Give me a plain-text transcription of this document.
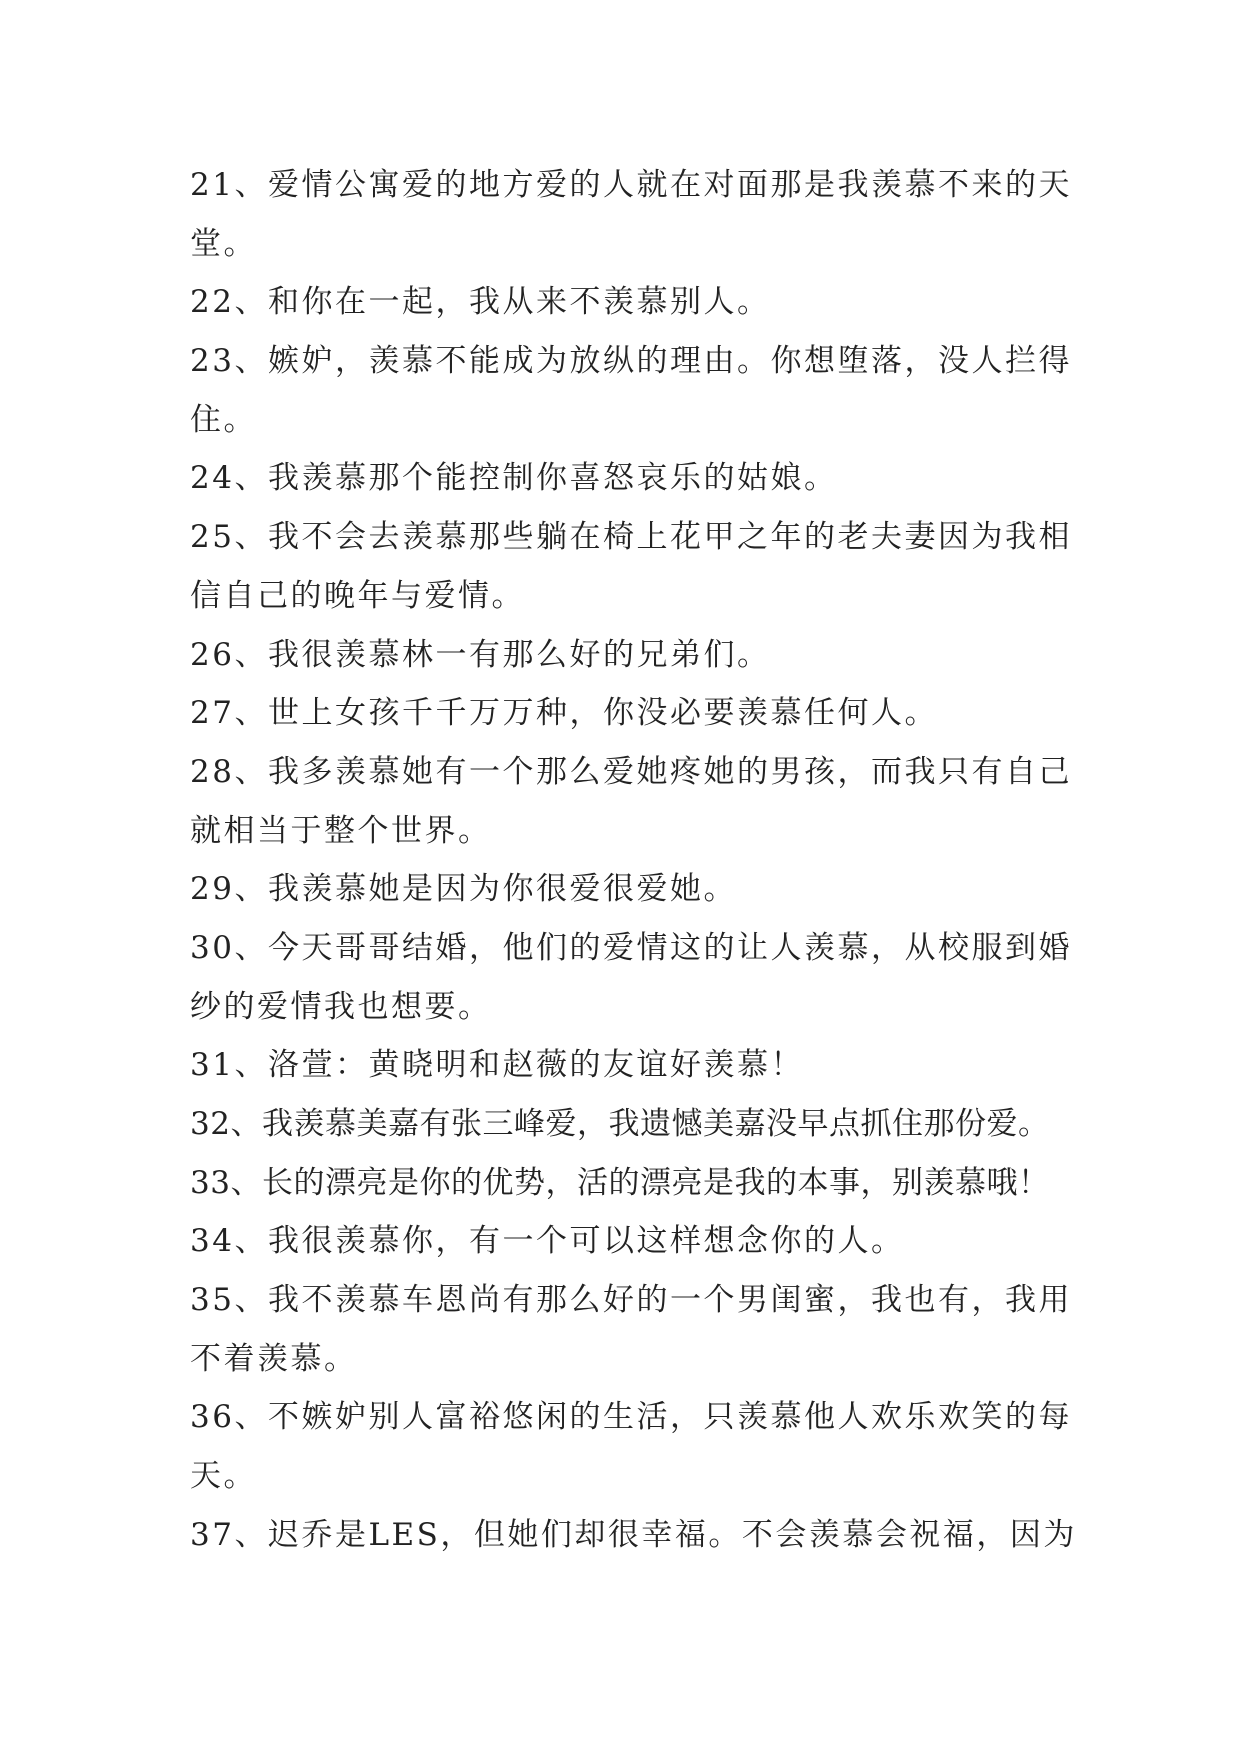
21、爱情公寓爱的地方爱的人就在对面那是我羡慕不来的天
堂。
22、和你在一起，我从来不羡慕别人。
23、嫉妒，羡慕不能成为放纵的理由。你想堕落，没人拦得
住。
24、我羡慕那个能控制你喜怒哀乐的姑娘。
25、我不会去羡慕那些躺在椅上花甲之年的老夫妻因为我相
信自己的晚年与爱情。
26、我很羡慕林一有那么好的兄弟们。
27、世上女孩千千万万种，你没必要羡慕任何人。
28、我多羡慕她有一个那么爱她疼她的男孩，而我只有自己
就相当于整个世界。
29、我羡慕她是因为你很爱很爱她。
30、今天哥哥结婚，他们的爱情这的让人羡慕，从校服到婚
纱的爱情我也想要。
31、洛萱：黄晓明和赵薇的友谊好羡慕！
32、我羡慕美嘉有张三峰爱，我遗憾美嘉没早点抓住那份爱。
33、长的漂亮是你的优势，活的漂亮是我的本事，别羡慕哦！
34、我很羡慕你，有一个可以这样想念你的人。
35、我不羡慕车恩尚有那么好的一个男闺蜜，我也有，我用
不着羡慕。
36、不嫉妒别人富裕悠闲的生活，只羡慕他人欢乐欢笑的每
天。
37、迟乔是LES，但她们却很幸福。不会羡慕会祝福，因为
